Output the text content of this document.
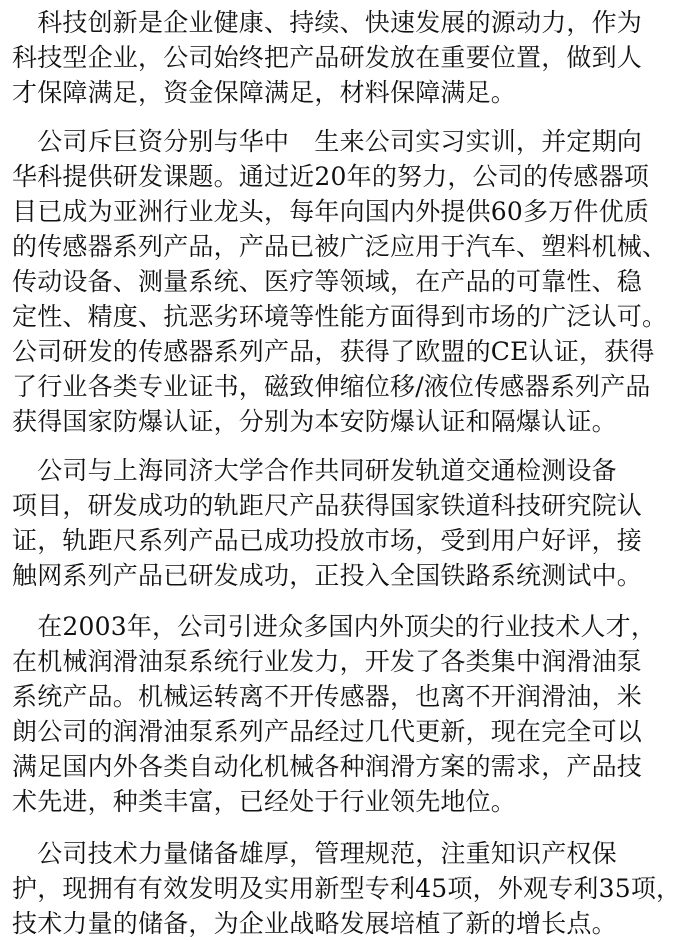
　科技创新是企业健康、持续、快速发展的源动力，作为
科技型企业，公司始终把产品研发放在重要位置，做到人
才保障满足，资金保障满足，材料保障满足。
　公司斥巨资分别与华中　生来公司实习实训，并定期向
华科提供研发课题。通过近20年的努力，公司的传感器项
目已成为亚洲行业龙头，每年向国内外提供60多万件优质
的传感器系列产品，产品已被广泛应用于汽车、塑料机械、
传动设备、测量系统、医疗等领域，在产品的可靠性、稳
定性、精度、抗恶劣环境等性能方面得到市场的广泛认可。
公司研发的传感器系列产品，获得了欧盟的CE认证，获得
了行业各类专业证书，磁致伸缩位移/液位传感器系列产品
获得国家防爆认证，分别为本安防爆认证和隔爆认证。
　公司与上海同济大学合作共同研发轨道交通检测设备
项目，研发成功的轨距尺产品获得国家铁道科技研究院认
证，轨距尺系列产品已成功投放市场，受到用户好评，接
触网系列产品已研发成功，正投入全国铁路系统测试中。
　在2003年，公司引进众多国内外顶尖的行业技术人才，
在机械润滑油泵系统行业发力，开发了各类集中润滑油泵
系统产品。机械运转离不开传感器，也离不开润滑油，米
朗公司的润滑油泵系列产品经过几代更新，现在完全可以
满足国内外各类自动化机械各种润滑方案的需求，产品技
术先进，种类丰富，已经处于行业领先地位。
　公司技术力量储备雄厚，管理规范，注重知识产权保
护，现拥有有效发明及实用新型专利45项，外观专利35项，
技术力量的储备，为企业战略发展培植了新的增长点。
